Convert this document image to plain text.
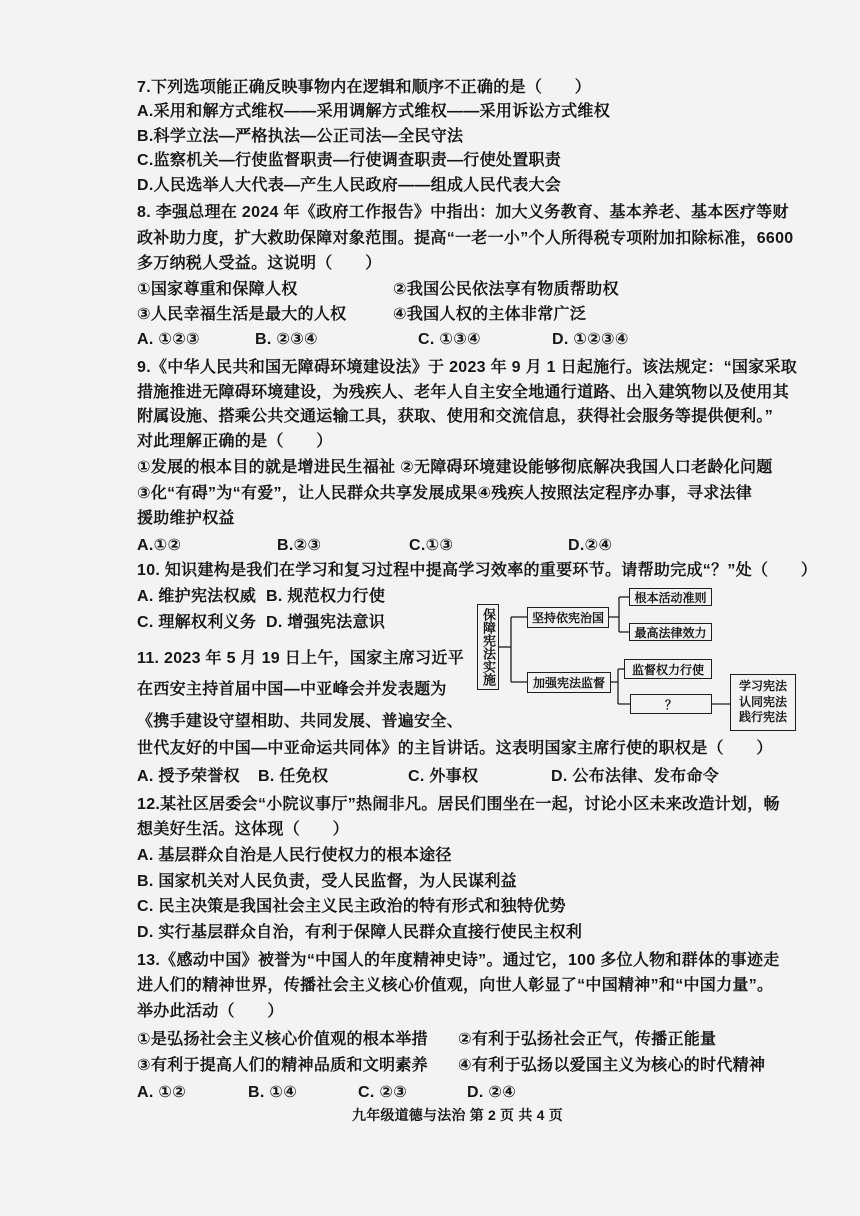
7.下列选项能正确反映事物内在逻辑和顺序不正确的是（　　）
A.采用和解方式维权——采用调解方式维权——采用诉讼方式维权
B.科学立法—严格执法—公正司法—全民守法
C.监察机关—行使监督职责—行使调查职责—行使处置职责
D.人民选举人大代表—产生人民政府——组成人民代表大会
8. 李强总理在 2024 年《政府工作报告》中指出：加大义务教育、基本养老、基本医疗等财
政补助力度，扩大救助保障对象范围。提高“一老一小”个人所得税专项附加扣除标准，6600
多万纳税人受益。这说明（　　）
①国家尊重和保障人权	②我国公民依法享有物质帮助权
③人民幸福生活是最大的人权	④我国人权的主体非常广泛
A. ①②③	B. ②③④	C. ①③④	D. ①②③④
9.《中华人民共和国无障碍环境建设法》于 2023 年 9 月 1 日起施行。该法规定：“国家采取
措施推进无障碍环境建设，为残疾人、老年人自主安全地通行道路、出入建筑物以及使用其
附属设施、搭乘公共交通运输工具，获取、使用和交流信息，获得社会服务等提供便利。”
对此理解正确的是（　　）
①发展的根本目的就是增进民生福祉 ②无障碍环境建设能够彻底解决我国人口老龄化问题
③化“有碍”为“有爱”，让人民群众共享发展成果④残疾人按照法定程序办事，寻求法律
援助维护权益
A.①②	B.②③	C.①③	D.②④
10. 知识建构是我们在学习和复习过程中提高学习效率的重要环节。请帮助完成“？”处（　　）
A. 维护宪法权威 B. 规范权力行使
C. 理解权利义务 D. 增强宪法意识	保障宪法实施	坚持依宪治国
加强宪法监督
根本活动准则
最高法律效力
监督权力行使
？
学习宪法
认同宪法
践行宪法
11. 2023 年 5 月 19 日上午，国家主席习近平
在西安主持首届中国—中亚峰会并发表题为
《携手建设守望相助、共同发展、普遍安全、
世代友好的中国—中亚命运共同体》的主旨讲话。这表明国家主席行使的职权是（　　）
A. 授予荣誉权 B. 任免权	C. 外事权	D. 公布法律、发布命令
12.某社区居委会“小院议事厅”热闹非凡。居民们围坐在一起，讨论小区未来改造计划，畅
想美好生活。这体现（　　）
A. 基层群众自治是人民行使权力的根本途径
B. 国家机关对人民负责，受人民监督，为人民谋利益
C. 民主决策是我国社会主义民主政治的特有形式和独特优势
D. 实行基层群众自治，有利于保障人民群众直接行使民主权利
13.《感动中国》被誉为“中国人的年度精神史诗”。通过它，100 多位人物和群体的事迹走
进人们的精神世界，传播社会主义核心价值观，向世人彰显了“中国精神”和“中国力量”。
举办此活动（　　）
①是弘扬社会主义核心价值观的根本举措 ②有利于弘扬社会正气，传播正能量
③有利于提高人们的精神品质和文明素养 ④有利于弘扬以爱国主义为核心的时代精神
A. ①②	B. ①④	C. ②③	D. ②④
九年级道德与法治 第 2 页 共 4 页
